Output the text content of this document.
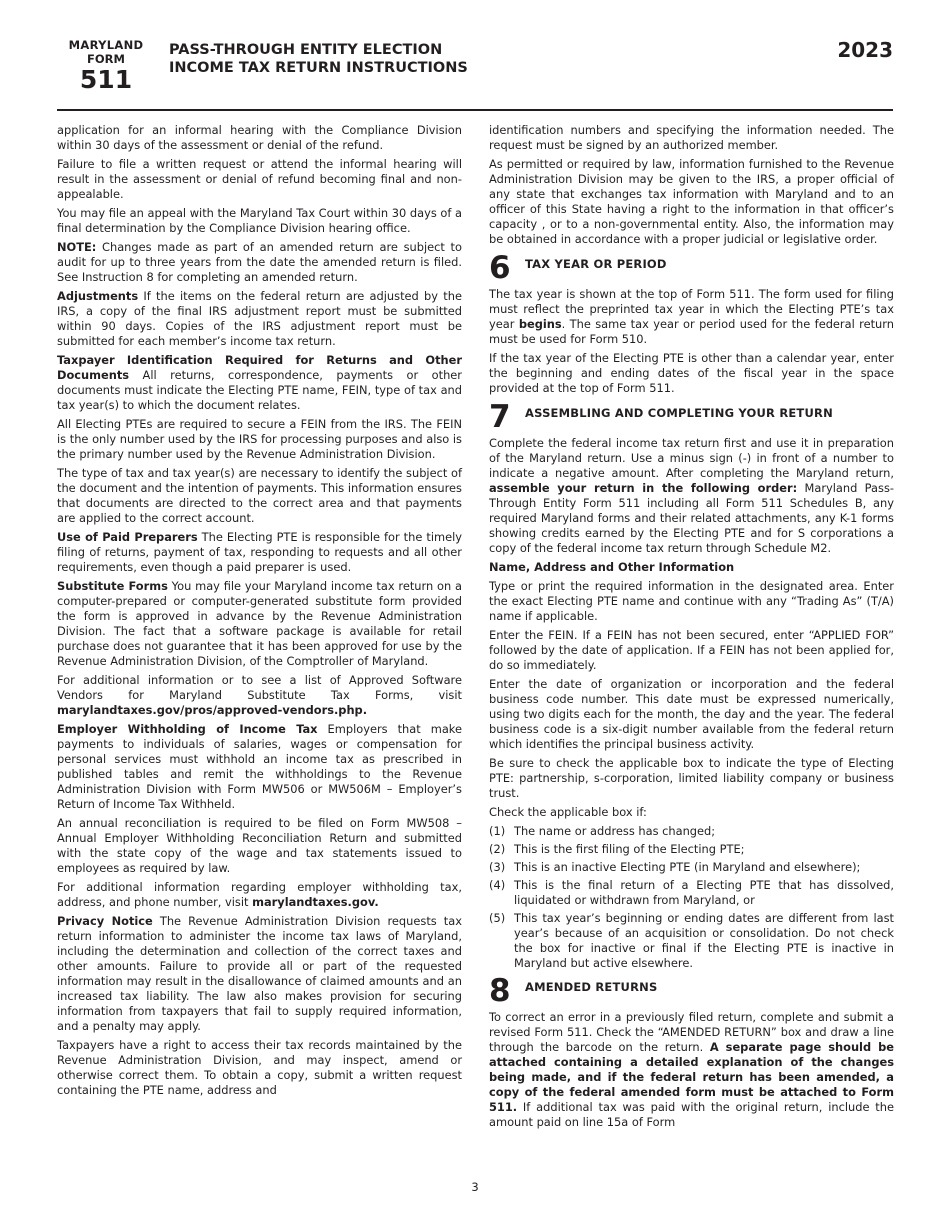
MARYLAND
FORM
511
PASS-THROUGH ENTITY ELECTION
INCOME TAX RETURN INSTRUCTIONS
2023

application for an informal hearing with the Compliance Division within 30 days of the assessment or denial of the refund.

Failure to file a written request or attend the informal hearing will result in the assessment or denial of refund becoming final and non-appealable.

You may file an appeal with the Maryland Tax Court within 30 days of a final determination by the Compliance Division hearing office.

NOTE: Changes made as part of an amended return are subject to audit for up to three years from the date the amended return is filed. See Instruction 8 for completing an amended return.

Adjustments If the items on the federal return are adjusted by the IRS, a copy of the final IRS adjustment report must be submitted within 90 days. Copies of the IRS adjustment report must be submitted for each member’s income tax return.

Taxpayer Identification Required for Returns and Other Documents All returns, correspondence, payments or other documents must indicate the Electing PTE name, FEIN, type of tax and tax year(s) to which the document relates.

All Electing PTEs are required to secure a FEIN from the IRS. The FEIN is the only number used by the IRS for processing purposes and also is the primary number used by the Revenue Administration Division.

The type of tax and tax year(s) are necessary to identify the subject of the document and the intention of payments. This information ensures that documents are directed to the correct area and that payments are applied to the correct account.

Use of Paid Preparers The Electing PTE is responsible for the timely filing of returns, payment of tax, responding to requests and all other requirements, even though a paid preparer is used.

Substitute Forms You may file your Maryland income tax return on a computer-prepared or computer-generated substitute form provided the form is approved in advance by the Revenue Administration Division. The fact that a software package is available for retail purchase does not guarantee that it has been approved for use by the Revenue Administration Division, of the Comptroller of Maryland.

For additional information or to see a list of Approved Software Vendors for Maryland Substitute Tax Forms, visit marylandtaxes.gov/pros/approved-vendors.php.

Employer Withholding of Income Tax Employers that make payments to individuals of salaries, wages or compensation for personal services must withhold an income tax as prescribed in published tables and remit the withholdings to the Revenue Administration Division with Form MW506 or MW506M – Employer’s Return of Income Tax Withheld.

An annual reconciliation is required to be filed on Form MW508 – Annual Employer Withholding Reconciliation Return and submitted with the state copy of the wage and tax statements issued to employees as required by law.

For additional information regarding employer withholding tax, address, and phone number, visit marylandtaxes.gov.

Privacy Notice The Revenue Administration Division requests tax return information to administer the income tax laws of Maryland, including the determination and collection of the correct taxes and other amounts. Failure to provide all or part of the requested information may result in the disallowance of claimed amounts and an increased tax liability. The law also makes provision for securing information from taxpayers that fail to supply required information, and a penalty may apply.

Taxpayers have a right to access their tax records maintained by the Revenue Administration Division, and may inspect, amend or otherwise correct them. To obtain a copy, submit a written request containing the PTE name, address and

identification numbers and specifying the information needed. The request must be signed by an authorized member.

As permitted or required by law, information furnished to the Revenue Administration Division may be given to the IRS, a proper official of any state that exchanges tax information with Maryland and to an officer of this State having a right to the information in that officer’s capacity , or to a non-governmental entity. Also, the information may be obtained in accordance with a proper judicial or legislative order.

6	TAX YEAR OR PERIOD

The tax year is shown at the top of Form 511. The form used for filing must reflect the preprinted tax year in which the Electing PTE’s tax year begins. The same tax year or period used for the federal return must be used for Form 510.

If the tax year of the Electing PTE is other than a calendar year, enter the beginning and ending dates of the fiscal year in the space provided at the top of Form 511.

7	ASSEMBLING AND COMPLETING YOUR RETURN

Complete the federal income tax return first and use it in preparation of the Maryland return. Use a minus sign (-) in front of a number to indicate a negative amount. After completing the Maryland return, assemble your return in the following order: Maryland Pass-Through Entity Form 511 including all Form 511 Schedules B, any required Maryland forms and their related attachments, any K-1 forms showing credits earned by the Electing PTE and for S corporations a copy of the federal income tax return through Schedule M2.

Name, Address and Other Information

Type or print the required information in the designated area. Enter the exact Electing PTE name and continue with any “Trading As” (T/A) name if applicable.

Enter the FEIN. If a FEIN has not been secured, enter “APPLIED FOR” followed by the date of application. If a FEIN has not been applied for, do so immediately.

Enter the date of organization or incorporation and the federal business code number. This date must be expressed numerically, using two digits each for the month, the day and the year. The federal business code is a six-digit number available from the federal return which identifies the principal business activity.

Be sure to check the applicable box to indicate the type of Electing PTE: partnership, s-corporation, limited liability company or business trust.

Check the applicable box if:

(1) The name or address has changed;
(2) This is the first filing of the Electing PTE;
(3) This is an inactive Electing PTE (in Maryland and elsewhere);
(4) This is the final return of a Electing PTE that has dissolved, liquidated or withdrawn from Maryland, or
(5) This tax year’s beginning or ending dates are different from last year’s because of an acquisition or consolidation. Do not check the box for inactive or final if the Electing PTE is inactive in Maryland but active elsewhere.
8	AMENDED RETURNS

To correct an error in a previously filed return, complete and submit a revised Form 511. Check the “AMENDED RETURN” box and draw a line through the barcode on the return. A separate page should be attached containing a detailed explanation of the changes being made, and if the federal return has been amended, a copy of the federal amended form must be attached to Form 511. If additional tax was paid with the original return, include the amount paid on line 15a of Form

3
